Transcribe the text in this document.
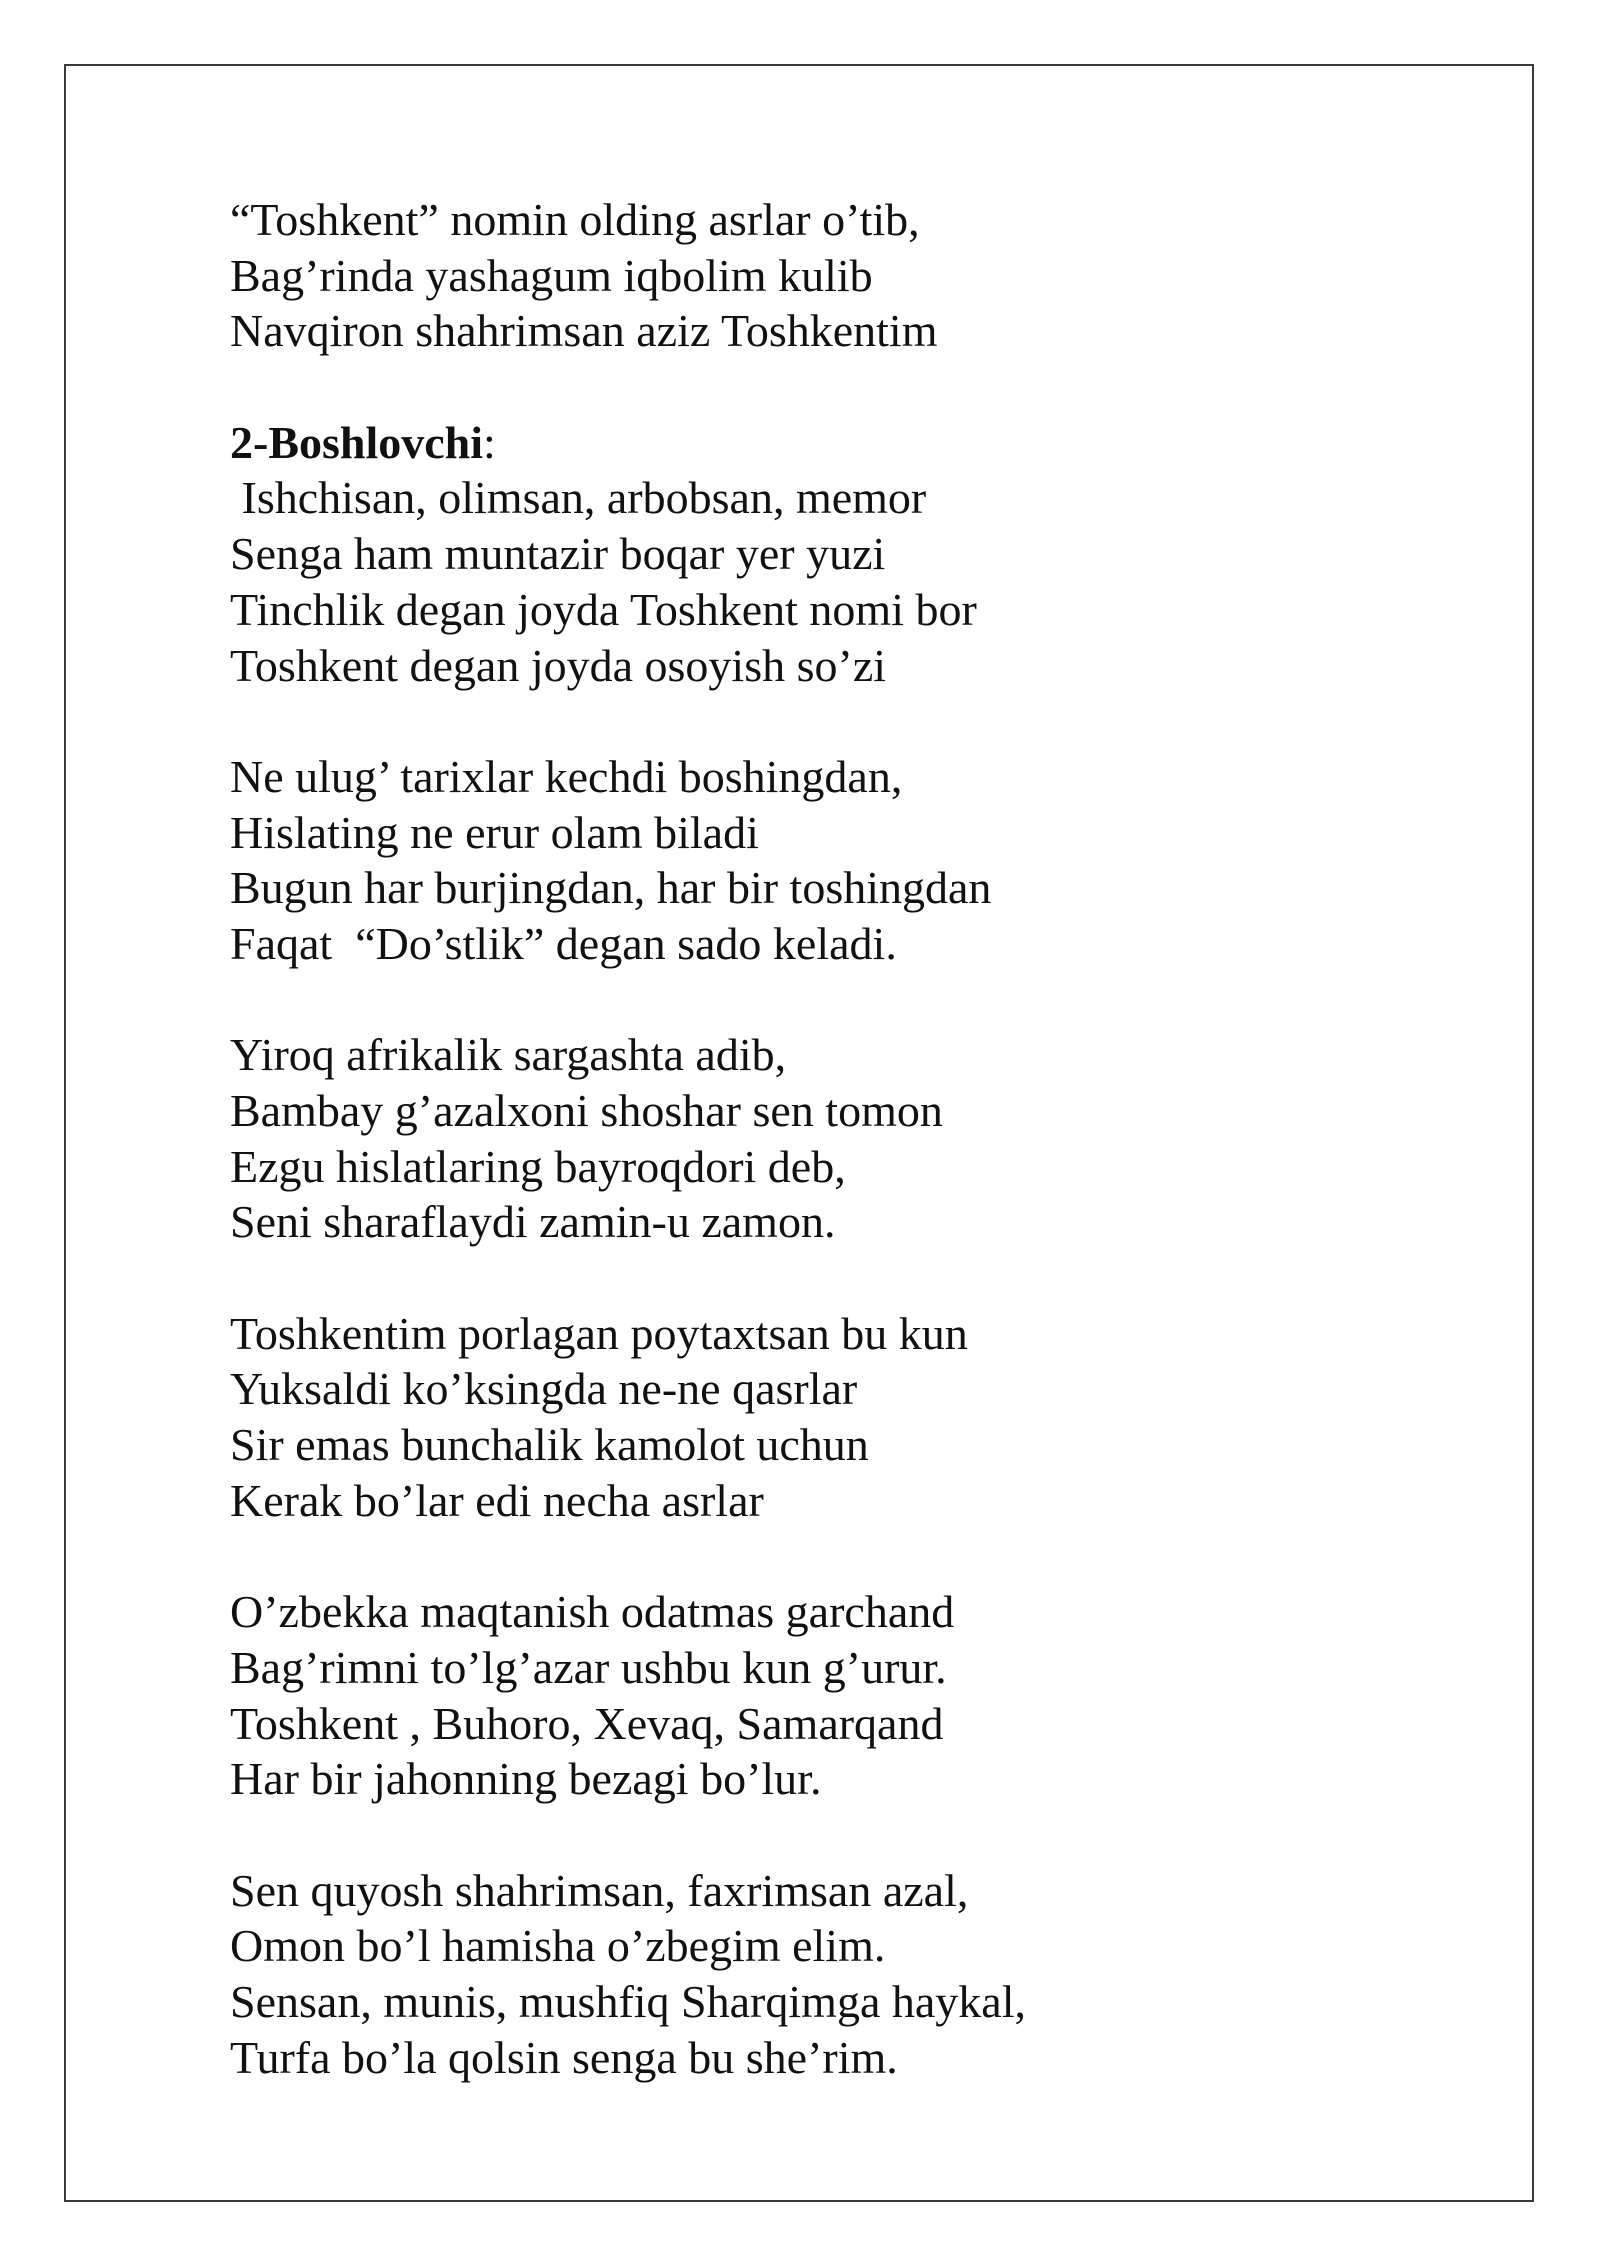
“Toshkent” nomin olding asrlar o’tib,
Bag’rinda yashagum iqbolim kulib
Navqiron shahrimsan aziz Toshkentim
2-Boshlovchi:
Ishchisan, olimsan, arbobsan, memor
Senga ham muntazir boqar yer yuzi
Tinchlik degan joyda Toshkent nomi bor
Toshkent degan joyda osoyish so’zi
Ne ulug’ tarixlar kechdi boshingdan,
Hislating ne erur olam biladi
Bugun har burjingdan, har bir toshingdan
Faqat  “Do’stlik” degan sado keladi.
Yiroq afrikalik sargashta adib,
Bambay g’azalxoni shoshar sen tomon
Ezgu hislatlaring bayroqdori deb,
Seni sharaflaydi zamin-u zamon.
Toshkentim porlagan poytaxtsan bu kun
Yuksaldi ko’ksingda ne-ne qasrlar
Sir emas bunchalik kamolot uchun
Kerak bo’lar edi necha asrlar
O’zbekka maqtanish odatmas garchand
Bag’rimni to’lg’azar ushbu kun g’urur.
Toshkent , Buhoro, Xevaq, Samarqand
Har bir jahonning bezagi bo’lur.
Sen quyosh shahrimsan, faxrimsan azal,
Omon bo’l hamisha o’zbegim elim.
Sensan, munis, mushfiq Sharqimga haykal,
Turfa bo’la qolsin senga bu she’rim.
